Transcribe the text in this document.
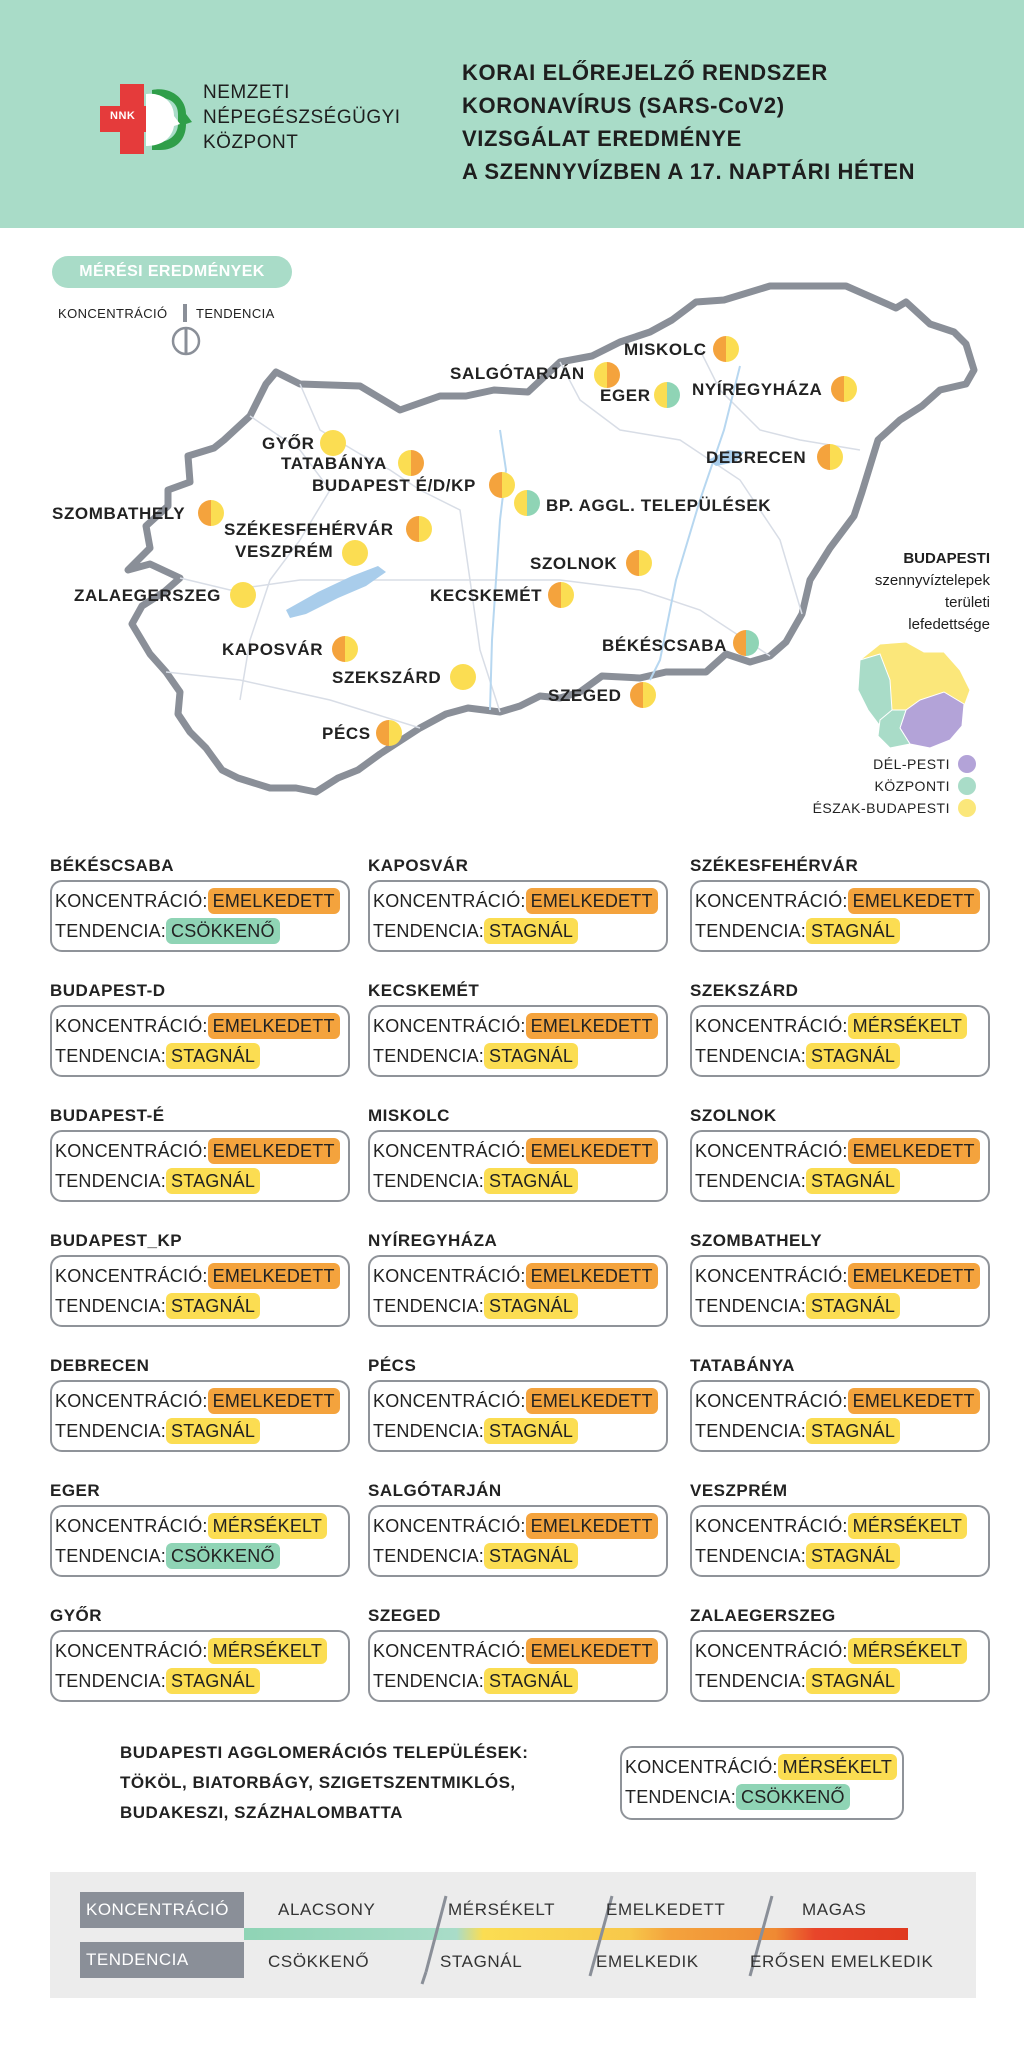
NNK
NEMZETI
NÉPEGÉSZSÉGÜGYI
KÖZPONT
KORAI ELŐREJELZŐ RENDSZER
KORONAVÍRUS (SARS-CoV2)
VIZSGÁLAT EREDMÉNYE
A SZENNYVÍZBEN A 17. NAPTÁRI HÉTEN
MÉRÉSI EREDMÉNYEK
KONCENTRÁCIÓ TENDENCIA
MISKOLC
SALGÓTARJÁN
EGER NYÍREGYHÁZA
GYŐR
TATABÁNYA
BUDAPEST É/D/KP
BP. AGGL. TELEPÜLÉSEK
DEBRECEN
SZOMBATHELY
SZÉKESFEHÉRVÁR
VESZPRÉM
SZOLNOK
ZALAEGERSZEG	KECSKEMÉT
BÉKÉSCSABA
KAPOSVÁR
SZEKSZÁRD
SZEGED
PÉCS
BUDAPESTI
szennyvíztelepek
területi
lefedettsége
DÉL-PESTI
KÖZPONTI
ÉSZAK-BUDAPESTI
BÉKÉSCSABA
KONCENTRÁCIÓ: EMELKEDETT
TENDENCIA: CSÖKKENŐ
KAPOSVÁR
KONCENTRÁCIÓ: EMELKEDETT
TENDENCIA: STAGNÁL
SZÉKESFEHÉRVÁR
KONCENTRÁCIÓ: EMELKEDETT
TENDENCIA: STAGNÁL
BUDAPEST-D
KONCENTRÁCIÓ: EMELKEDETT
TENDENCIA: STAGNÁL
KECSKEMÉT
KONCENTRÁCIÓ: EMELKEDETT
TENDENCIA: STAGNÁL
SZEKSZÁRD
KONCENTRÁCIÓ: MÉRSÉKELT
TENDENCIA: STAGNÁL
BUDAPEST-É
KONCENTRÁCIÓ: EMELKEDETT
TENDENCIA: STAGNÁL
MISKOLC
KONCENTRÁCIÓ: EMELKEDETT
TENDENCIA: STAGNÁL
SZOLNOK
KONCENTRÁCIÓ: EMELKEDETT
TENDENCIA: STAGNÁL
BUDAPEST_KP
KONCENTRÁCIÓ: EMELKEDETT
TENDENCIA: STAGNÁL
NYÍREGYHÁZA
KONCENTRÁCIÓ: EMELKEDETT
TENDENCIA: STAGNÁL
SZOMBATHELY
KONCENTRÁCIÓ: EMELKEDETT
TENDENCIA: STAGNÁL
DEBRECEN
KONCENTRÁCIÓ: EMELKEDETT
TENDENCIA: STAGNÁL
PÉCS
KONCENTRÁCIÓ: EMELKEDETT
TENDENCIA: STAGNÁL
TATABÁNYA
KONCENTRÁCIÓ: EMELKEDETT
TENDENCIA: STAGNÁL
EGER
KONCENTRÁCIÓ: MÉRSÉKELT
TENDENCIA: CSÖKKENŐ
SALGÓTARJÁN
KONCENTRÁCIÓ: EMELKEDETT
TENDENCIA: STAGNÁL
VESZPRÉM
KONCENTRÁCIÓ: MÉRSÉKELT
TENDENCIA: STAGNÁL
GYŐR
KONCENTRÁCIÓ: MÉRSÉKELT
TENDENCIA: STAGNÁL
SZEGED
KONCENTRÁCIÓ: EMELKEDETT
TENDENCIA: STAGNÁL
ZALAEGERSZEG
KONCENTRÁCIÓ: MÉRSÉKELT
TENDENCIA: STAGNÁL
BUDAPESTI AGGLOMERÁCIÓS TELEPÜLÉSEK:
TÖKÖL, BIATORBÁGY, SZIGETSZENTMIKLÓS,
BUDAKESZI, SZÁZHALOMBATTA
KONCENTRÁCIÓ: MÉRSÉKELT
TENDENCIA: CSÖKKENŐ
KONCENTRÁCIÓ
TENDENCIA
ALACSONY	MÉRSÉKELT	EMELKEDETT	MAGAS
CSÖKKENŐ	STAGNÁL	EMELKEDIK	ERŐSEN EMELKEDIK
